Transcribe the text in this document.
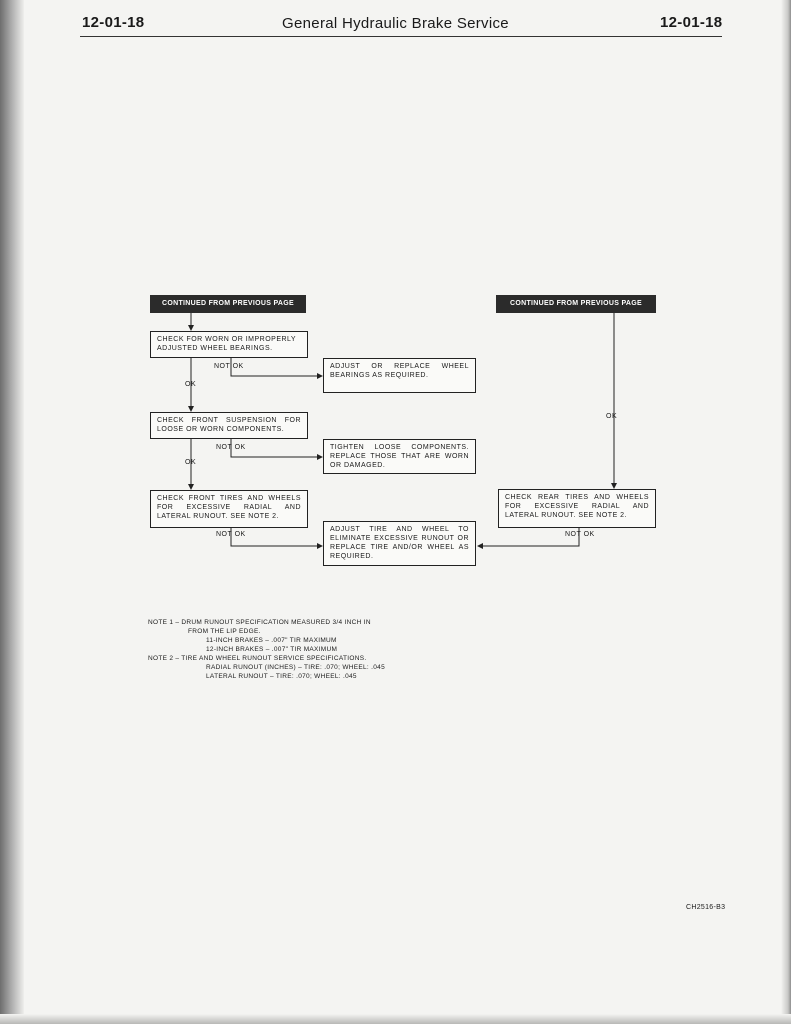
12-01-18	General Hydraulic Brake Service	12-01-18
CONTINUED FROM PREVIOUS PAGE	CONTINUED FROM PREVIOUS PAGE
CHECK FOR WORN OR IMPROPERLY ADJUSTED WHEEL BEARINGS.
ADJUST OR REPLACE WHEEL BEARINGS AS REQUIRED.
CHECK FRONT SUSPENSION FOR LOOSE OR WORN COMPONENTS.
TIGHTEN LOOSE COMPONENTS. REPLACE THOSE THAT ARE WORN OR DAMAGED.
CHECK FRONT TIRES AND WHEELS FOR EXCESSIVE RADIAL AND LATERAL RUNOUT. SEE NOTE 2.
ADJUST TIRE AND WHEEL TO ELIMINATE EXCESSIVE RUNOUT OR REPLACE TIRE AND/OR WHEEL AS REQUIRED.
CHECK REAR TIRES AND WHEELS FOR EXCESSIVE RADIAL AND LATERAL RUNOUT. SEE NOTE 2.
NOT OK
OK
NOT OK
OK
NOT OK
OK
NOT OK
NOTE 1 – DRUM RUNOUT SPECIFICATION MEASURED 3/4 INCH IN
FROM THE LIP EDGE.
11-INCH BRAKES – .007" TIR MAXIMUM
12-INCH BRAKES – .007" TIR MAXIMUM
NOTE 2 – TIRE AND WHEEL RUNOUT SERVICE SPECIFICATIONS.
RADIAL RUNOUT (INCHES) – TIRE: .070; WHEEL: .045
LATERAL RUNOUT – TIRE: .070; WHEEL: .045
CH2516-B3
